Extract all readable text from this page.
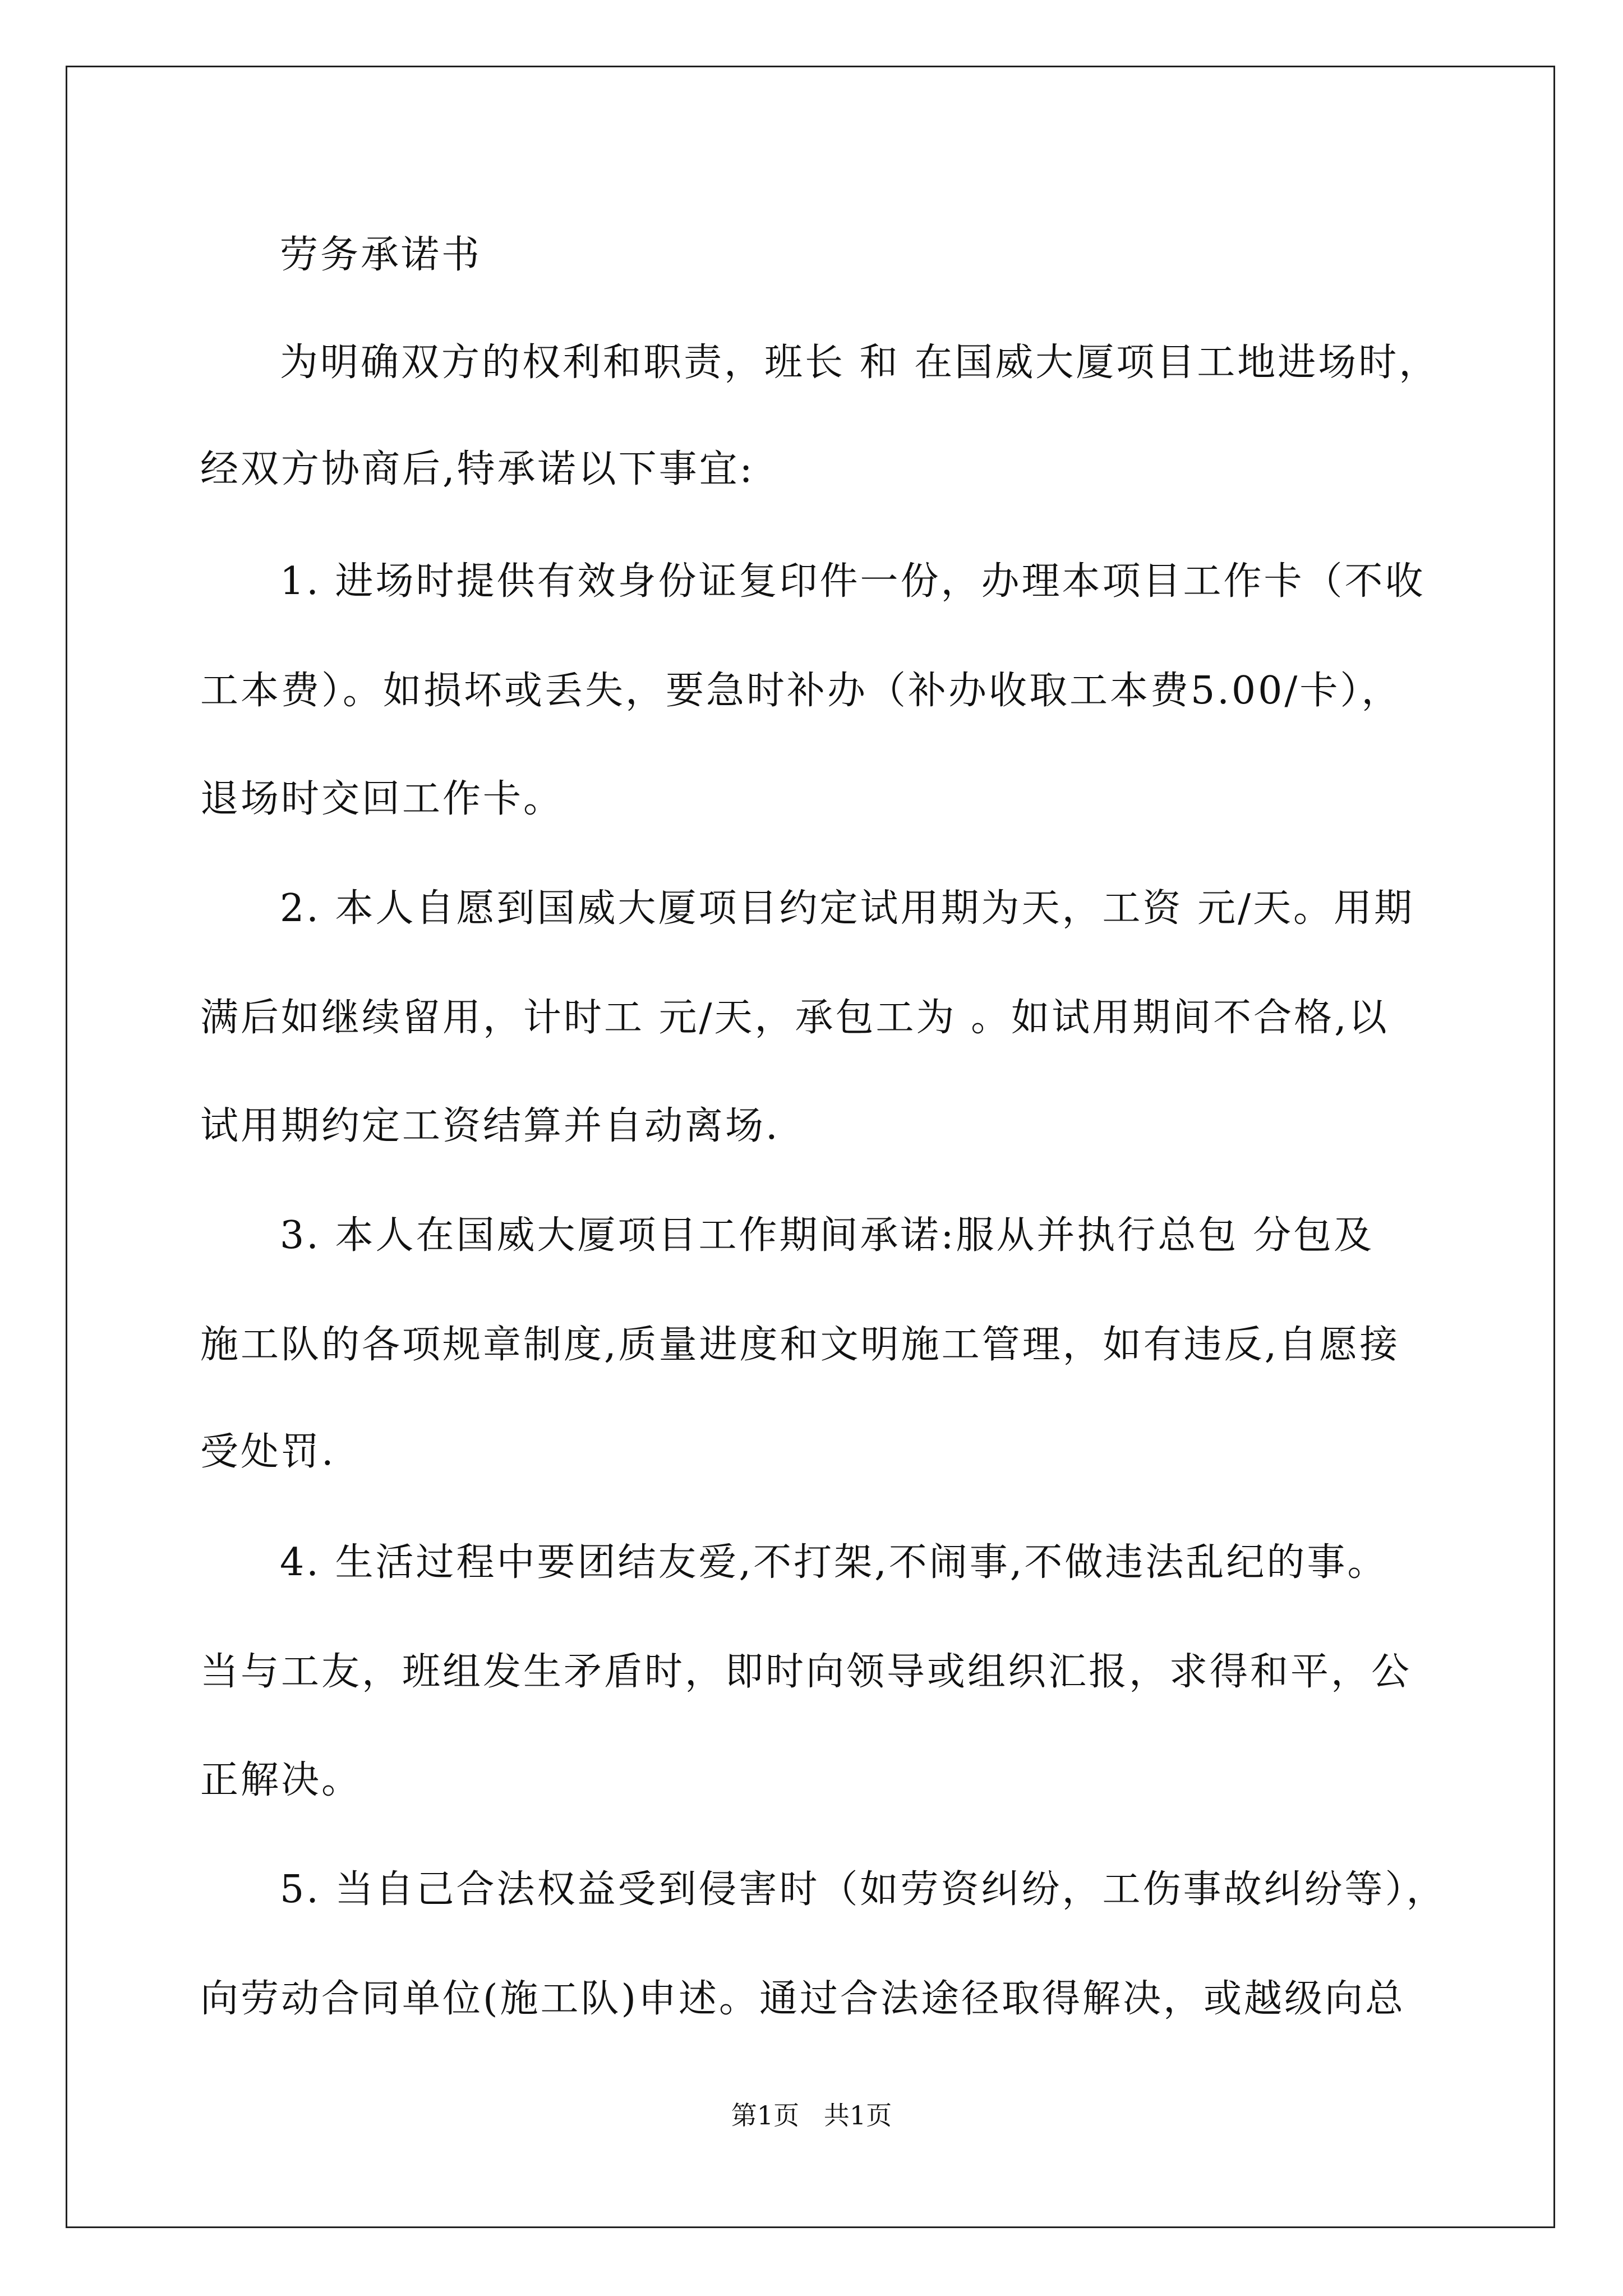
劳务承诺书
为明确双方的权利和职责，班长 和 在国威大厦项目工地进场时，
经双方协商后,特承诺以下事宜:
1. 进场时提供有效身份证复印件一份，办理本项目工作卡（不收
工本费）。如损坏或丢失，要急时补办（补办收取工本费5.00/卡），
退场时交回工作卡。
2. 本人自愿到国威大厦项目约定试用期为天，工资 元/天。用期
满后如继续留用，计时工 元/天，承包工为 。如试用期间不合格,以
试用期约定工资结算并自动离场.
3. 本人在国威大厦项目工作期间承诺:服从并执行总包 分包及
施工队的各项规章制度,质量进度和文明施工管理，如有违反,自愿接
受处罚.
4. 生活过程中要团结友爱,不打架,不闹事,不做违法乱纪的事。
当与工友，班组发生矛盾时，即时向领导或组织汇报，求得和平，公
正解决。
5. 当自己合法权益受到侵害时（如劳资纠纷，工伤事故纠纷等），
向劳动合同单位(施工队)申述。通过合法途径取得解决，或越级向总
第1页   共1页
